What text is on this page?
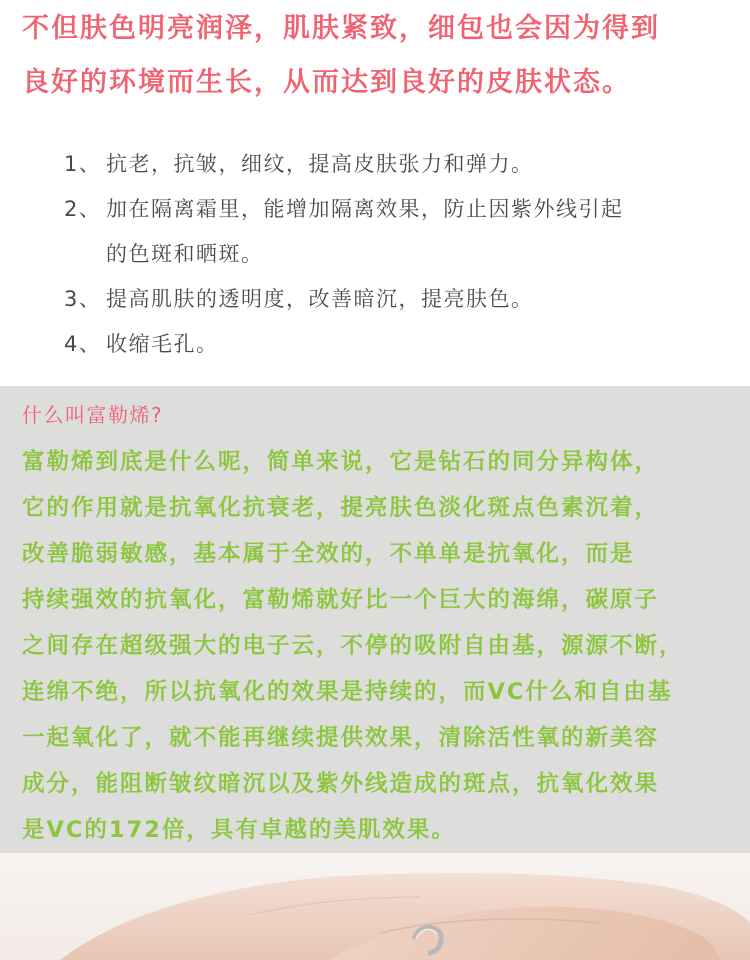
不但肤色明亮润泽，肌肤紧致，细包也会因为得到
良好的环境而生长，从而达到良好的皮肤状态。
1、 抗老，抗皱，细纹，提高皮肤张力和弹力。
2、 加在隔离霜里，能增加隔离效果，防止因紫外线引起
的色斑和晒斑。
3、 提高肌肤的透明度，改善暗沉，提亮肤色。
4、 收缩毛孔。
什么叫富勒烯?
富勒烯到底是什么呢，简单来说，它是钻石的同分异构体，
它的作用就是抗氧化抗衰老，提亮肤色淡化斑点色素沉着，
改善脆弱敏感，基本属于全效的，不单单是抗氧化，而是
持续强效的抗氧化，富勒烯就好比一个巨大的海绵，碳原子
之间存在超级强大的电子云，不停的吸附自由基，源源不断，
连绵不绝，所以抗氧化的效果是持续的，而VC什么和自由基
一起氧化了，就不能再继续提供效果，清除活性氧的新美容
成分，能阻断皱纹暗沉以及紫外线造成的斑点，抗氧化效果
是VC的172倍，具有卓越的美肌效果。
